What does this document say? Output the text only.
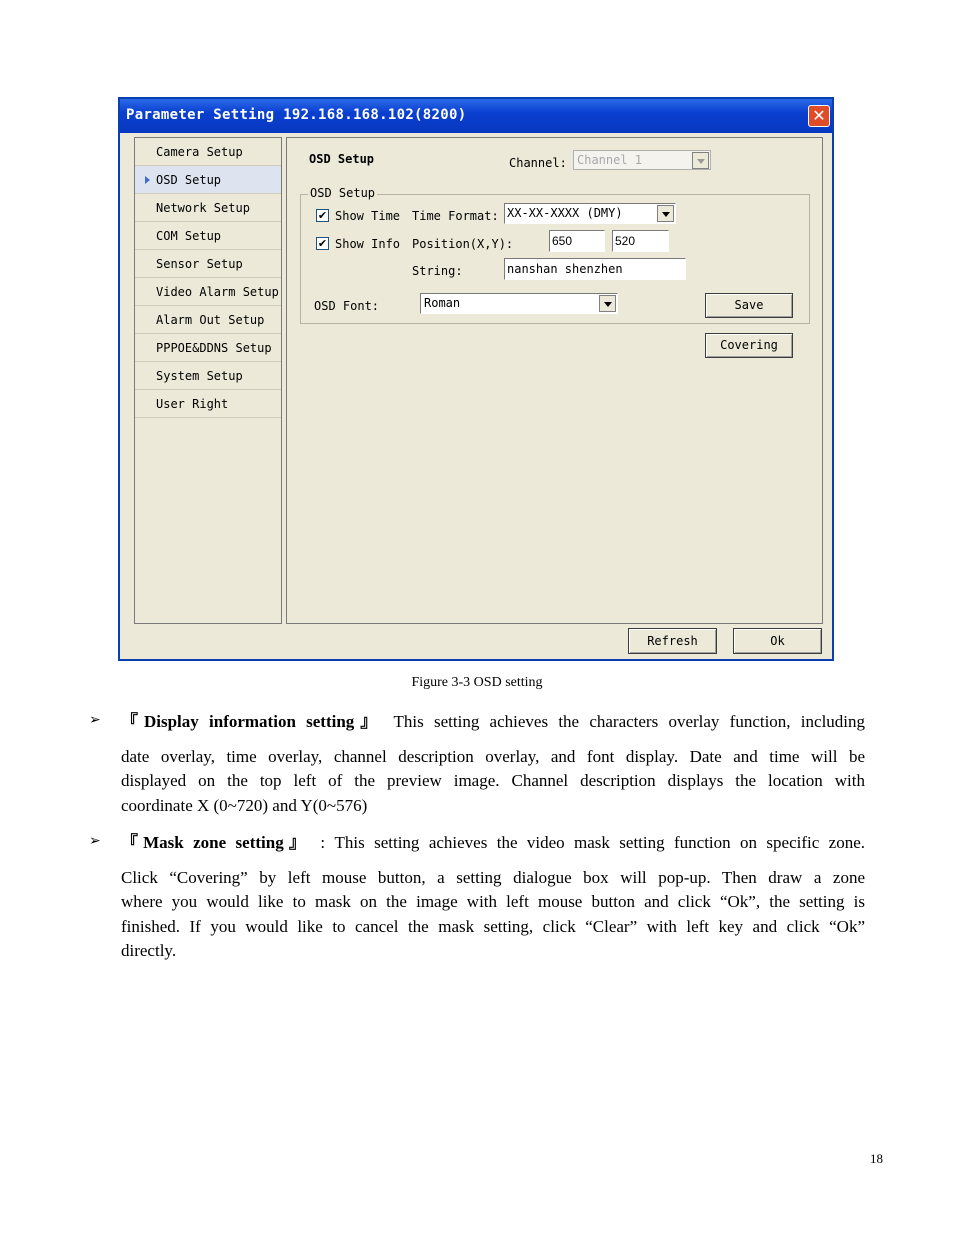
Parameter Setting 192.168.168.102(8200)	✕
Camera Setup
OSD Setup
Network Setup
COM Setup
Sensor Setup
Video Alarm Setup
Alarm Out Setup
PPPOE&DDNS Setup
System Setup
User Right
OSD Setup	Channel: Channel 1
OSD Setup
✔ Show Time Time Format: XX-XX-XXXX (DMY)
✔ Show Info Position(X,Y):	650	520
String:	nanshan shenzhen
OSD Font:	Roman	Save
Covering
Refresh	Ok
Figure 3-3 OSD setting
➢ 『Display information setting』 This setting achieves the characters overlay function, including
date overlay, time overlay, channel description overlay, and font display. Date and time will be
displayed on the top left of the preview image. Channel description displays the location with
coordinate X (0~720) and Y(0~576)
➢ 『Mask zone setting』 : This setting achieves the video mask setting function on specific zone.
Click “Covering” by left mouse button, a setting dialogue box will pop-up. Then draw a zone
where you would like to mask on the image with left mouse button and click “Ok”, the setting is
finished. If you would like to cancel the mask setting, click “Clear” with left key and click “Ok”
directly.
18
